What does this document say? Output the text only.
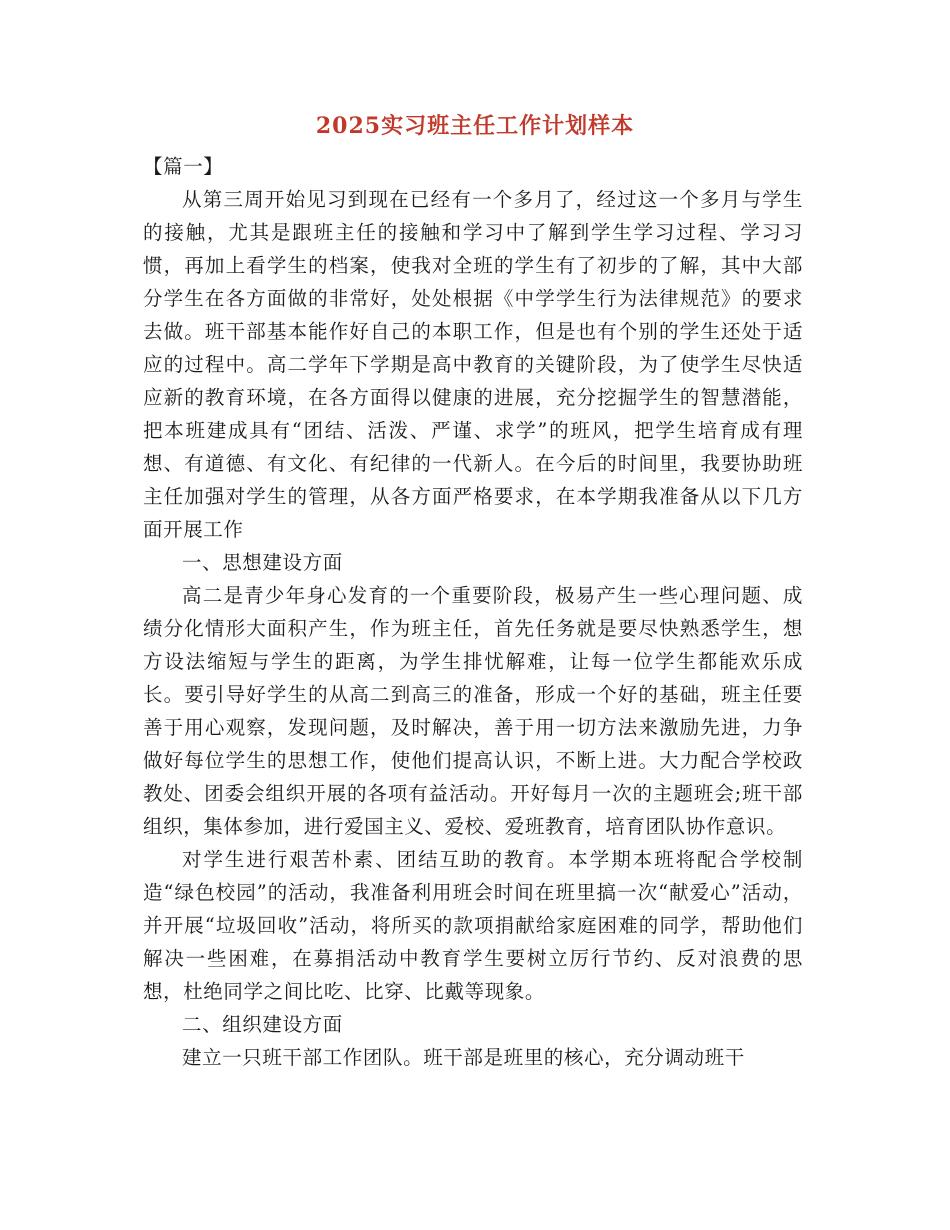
2025实习班主任工作计划样本

【篇一】

从第三周开始见习到现在已经有一个多月了，经过这一个多月与学生的接触，尤其是跟班主任的接触和学习中了解到学生学习过程、学习习惯，再加上看学生的档案，使我对全班的学生有了初步的了解，其中大部分学生在各方面做的非常好，处处根据《中学学生行为法律规范》的要求去做。班干部基本能作好自己的本职工作，但是也有个别的学生还处于适应的过程中。高二学年下学期是高中教育的关键阶段，为了使学生尽快适应新的教育环境，在各方面得以健康的进展，充分挖掘学生的智慧潜能，把本班建成具有“团结、活泼、严谨、求学”的班风，把学生培育成有理想、有道德、有文化、有纪律的一代新人。在今后的时间里，我要协助班主任加强对学生的管理，从各方面严格要求，在本学期我准备从以下几方面开展工作

一、思想建设方面

高二是青少年身心发育的一个重要阶段，极易产生一些心理问题、成绩分化情形大面积产生，作为班主任，首先任务就是要尽快熟悉学生，想方设法缩短与学生的距离，为学生排忧解难，让每一位学生都能欢乐成长。要引导好学生的从高二到高三的准备，形成一个好的基础，班主任要善于用心观察，发现问题，及时解决，善于用一切方法来激励先进，力争做好每位学生的思想工作，使他们提高认识，不断上进。大力配合学校政教处、团委会组织开展的各项有益活动。开好每月一次的主题班会;班干部组织，集体参加，进行爱国主义、爱校、爱班教育，培育团队协作意识。

对学生进行艰苦朴素、团结互助的教育。本学期本班将配合学校制造“绿色校园”的活动，我准备利用班会时间在班里搞一次“献爱心”活动，并开展“垃圾回收”活动，将所买的款项捐献给家庭困难的同学，帮助他们解决一些困难，在募捐活动中教育学生要树立厉行节约、反对浪费的思想，杜绝同学之间比吃、比穿、比戴等现象。

二、组织建设方面

建立一只班干部工作团队。班干部是班里的核心，充分调动班干
